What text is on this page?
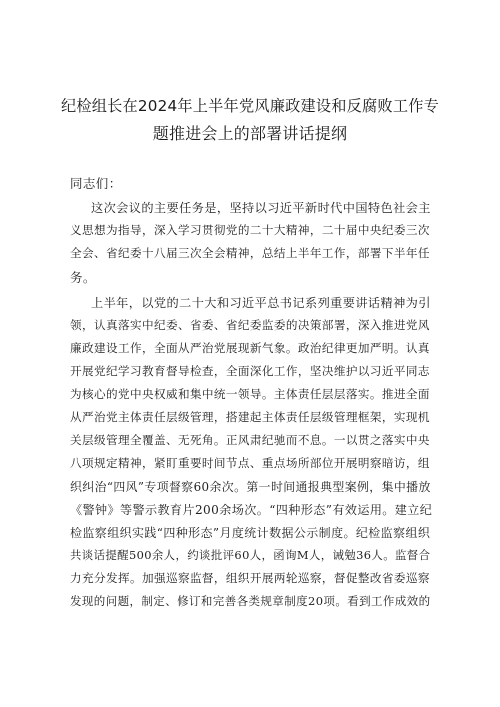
纪检组长在2024年上半年党风廉政建设和反腐败工作专
题推进会上的部署讲话提纲
同志们：
这次会议的主要任务是，坚持以习近平新时代中国特色社会主
义思想为指导，深入学习贯彻党的二十大精神，二十届中央纪委三次
全会、省纪委十八届三次全会精神，总结上半年工作，部署下半年任
务。
上半年，以党的二十大和习近平总书记系列重要讲话精神为引
领，认真落实中纪委、省委、省纪委监委的决策部署，深入推进党风
廉政建设工作，全面从严治党展现新气象。政治纪律更加严明。认真
开展党纪学习教育督导检查，全面深化工作，坚决维护以习近平同志
为核心的党中央权威和集中统一领导。主体责任层层落实。推进全面
从严治党主体责任层级管理，搭建起主体责任层级管理框架，实现机
关层级管理全覆盖、无死角。正风肃纪驰而不息。一以贯之落实中央
八项规定精神，紧盯重要时间节点、重点场所部位开展明察暗访，组
织纠治“四风”专项督察60余次。第一时间通报典型案例，集中播放
《警钟》等警示教育片200余场次。“四种形态”有效运用。建立纪
检监察组织实践“四种形态”月度统计数据公示制度。纪检监察组织
共谈话提醒500余人，约谈批评60人，函询M人，诫勉36人。监督合
力充分发挥。加强巡察监督，组织开展两轮巡察，督促整改省委巡察
发现的问题，制定、修订和完善各类规章制度20项。看到工作成效的
